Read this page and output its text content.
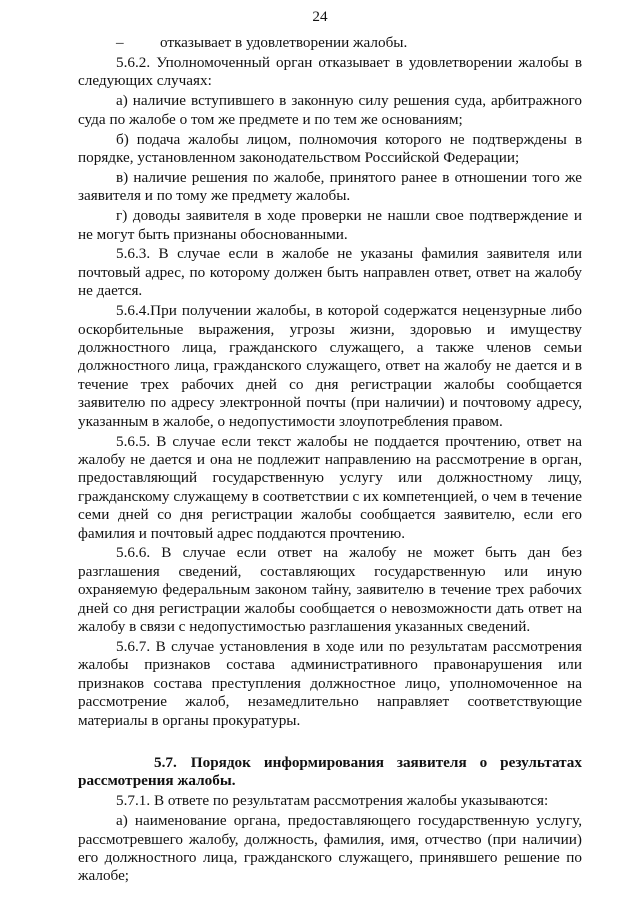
24

– отказывает в удовлетворении жалобы.

5.6.2. Уполномоченный орган отказывает в удовлетворении жалобы в следующих случаях:

а) наличие вступившего в законную силу решения суда, арбитражного суда по жалобе о том же предмете и по тем же основаниям;

б) подача жалобы лицом, полномочия которого не подтверждены в порядке, установленном законодательством Российской Федерации;

в) наличие решения по жалобе, принятого ранее в отношении того же заявителя и по тому же предмету жалобы.

г) доводы заявителя в ходе проверки не нашли свое подтверждение и не могут быть признаны обоснованными.

5.6.3. В случае если в жалобе не указаны фамилия заявителя или почтовый адрес, по которому должен быть направлен ответ, ответ на жалобу не дается.

5.6.4.При получении жалобы, в которой содержатся нецензурные либо оскорбительные выражения, угрозы жизни, здоровью и имуществу должностного лица, гражданского служащего, а также членов семьи должностного лица, гражданского служащего, ответ на жалобу не дается и в течение трех рабочих дней со дня регистрации жалобы сообщается заявителю по адресу электронной почты (при наличии) и почтовому адресу, указанным в жалобе, о недопустимости злоупотребления правом.

5.6.5. В случае если текст жалобы не поддается прочтению, ответ на жалобу не дается и она не подлежит направлению на рассмотрение в орган, предоставляющий государственную услугу или должностному лицу, гражданскому служащему в соответствии с их компетенцией, о чем в течение семи дней со дня регистрации жалобы сообщается заявителю, если его фамилия и почтовый адрес поддаются прочтению.

5.6.6. В случае если ответ на жалобу не может быть дан без разглашения сведений, составляющих государственную или иную охраняемую федеральным законом тайну, заявителю в течение трех рабочих дней со дня регистрации жалобы сообщается о невозможности дать ответ на жалобу в связи с недопустимостью разглашения указанных сведений.

5.6.7. В случае установления в ходе или по результатам рассмотрения жалобы признаков состава административного правонарушения или признаков состава преступления должностное лицо, уполномоченное на рассмотрение жалоб, незамедлительно направляет соответствующие материалы в органы прокуратуры.

5.7. Порядок информирования заявителя о результатах рассмотрения жалобы.

5.7.1. В ответе по результатам рассмотрения жалобы указываются:

а) наименование органа, предоставляющего государственную услугу, рассмотревшего жалобу, должность, фамилия, имя, отчество (при наличии) его должностного лица, гражданского служащего, принявшего решение по жалобе;
